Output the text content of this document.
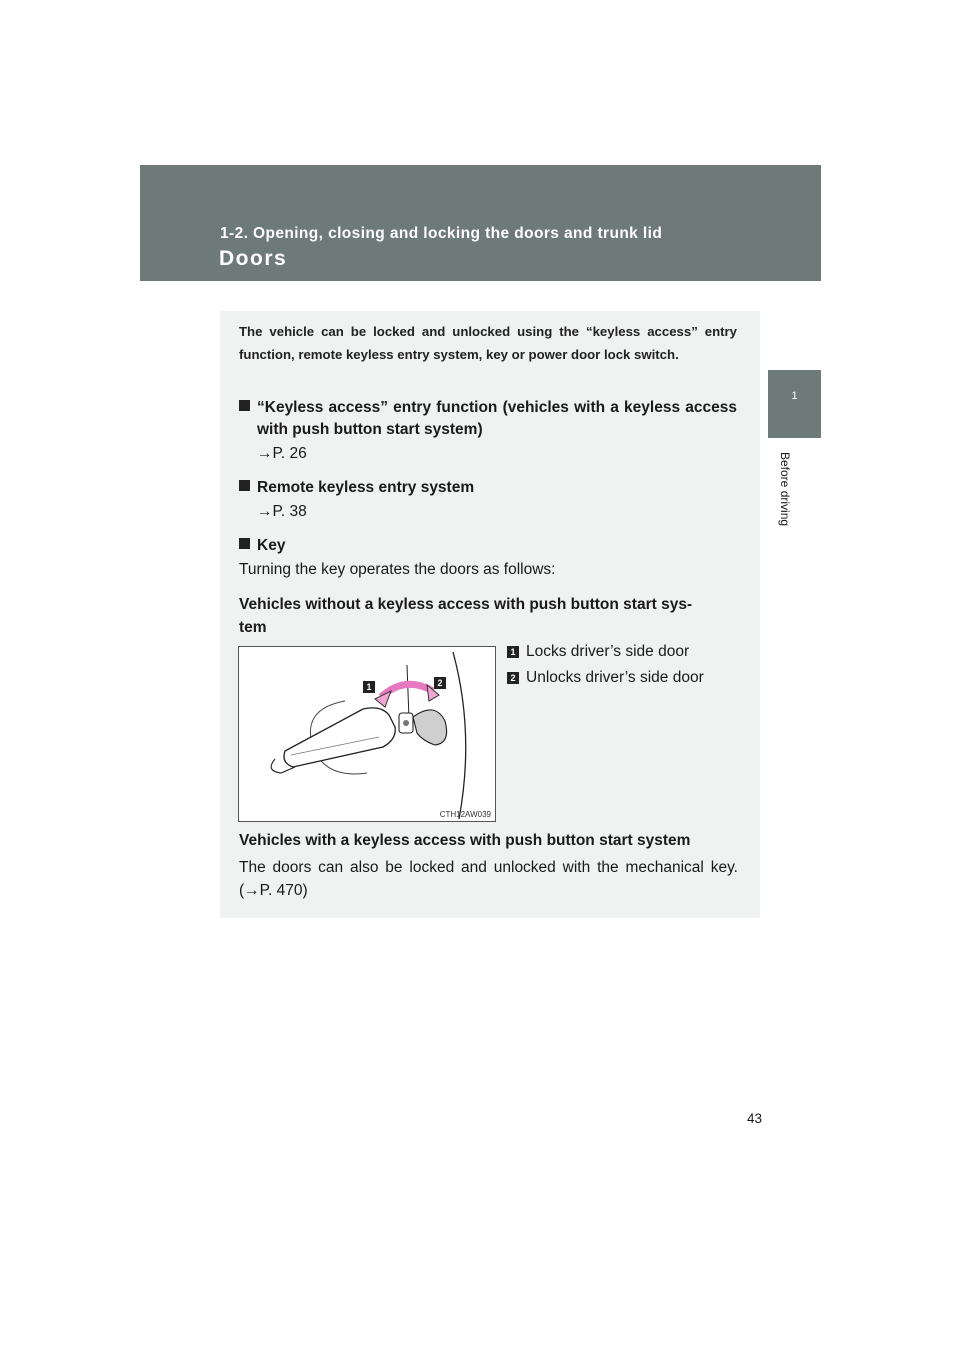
1-2. Opening, closing and locking the doors and trunk lid
Doors
1
Before driving
The vehicle can be locked and unlocked using the “keyless access” entry function, remote keyless entry system, key or power door lock switch.
“Keyless access” entry function (vehicles with a keyless access with push button start system)
→P. 26
Remote keyless entry system
→P. 38
Key
Turning the key operates the doors as follows:
Vehicles without a keyless access with push button start sys-
tem
1 Locks driver’s side door
2 Unlocks driver’s side door
1	2
CTH12AW039
Vehicles with a keyless access with push button start system
The doors can also be locked and unlocked with the mechanical key. (→P. 470)
43
